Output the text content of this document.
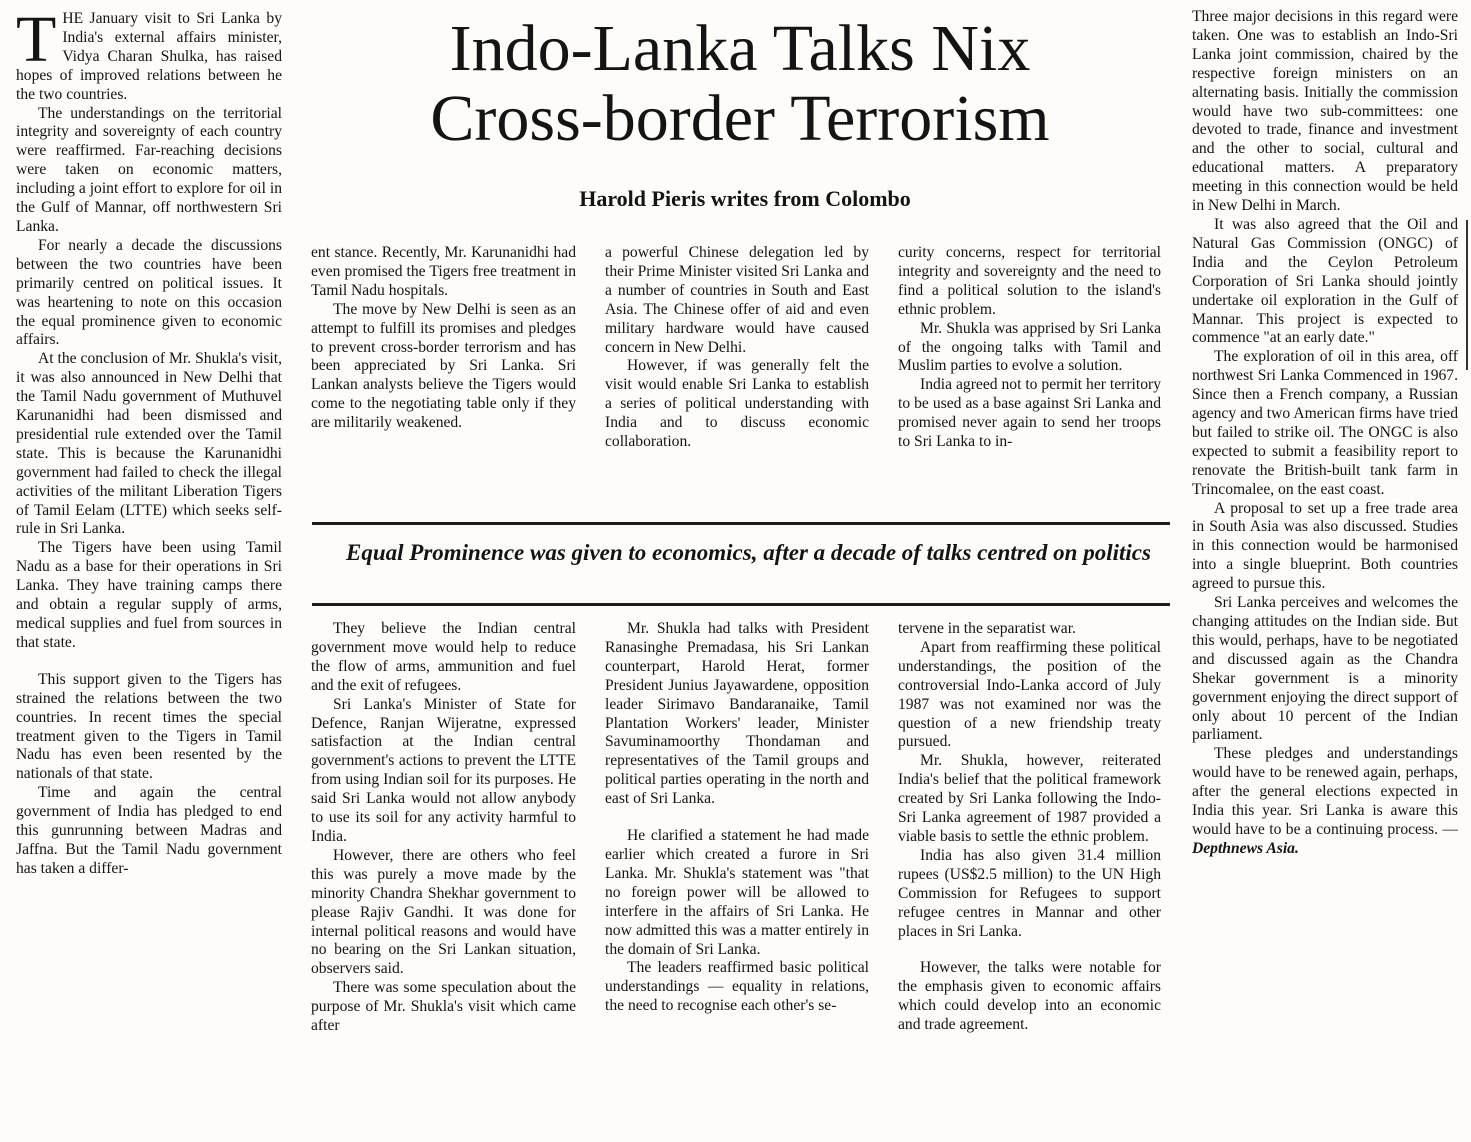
Indo-Lanka Talks Nix
Cross-border Terrorism
Harold Pieris writes from Colombo

THE January visit to Sri Lanka by India's external affairs minister, Vidya Charan Shulka, has raised hopes of improved relations between he the two countries.

The understandings on the territorial integrity and sovereignty of each country were reaffirmed. Far-reaching decisions were taken on economic matters, including a joint effort to explore for oil in the Gulf of Mannar, off northwestern Sri Lanka.

For nearly a decade the discussions between the two countries have been primarily centred on political issues. It was heartening to note on this occasion the equal prominence given to economic affairs.

At the conclusion of Mr. Shukla's visit, it was also announced in New Delhi that the Tamil Nadu government of Muthuvel Karunanidhi had been dismissed and presidential rule extended over the Tamil state. This is because the Karunanidhi government had failed to check the illegal activities of the militant Liberation Tigers of Tamil Eelam (LTTE) which seeks self-rule in Sri Lanka.

The Tigers have been using Tamil Nadu as a base for their operations in Sri Lanka. They have training camps there and obtain a regular supply of arms, medical supplies and fuel from sources in that state.

This support given to the Tigers has strained the relations between the two countries. In recent times the special treatment given to the Tigers in Tamil Nadu has even been resented by the nationals of that state.

Time and again the central government of India has pledged to end this gunrunning between Madras and Jaffna. But the Tamil Nadu government has taken a differ-

ent stance. Recently, Mr. Karunanidhi had even promised the Tigers free treatment in Tamil Nadu hospitals.

The move by New Delhi is seen as an attempt to fulfill its promises and pledges to prevent cross-border terrorism and has been appreciated by Sri Lanka. Sri Lankan analysts believe the Tigers would come to the negotiating table only if they are militarily weakened.

a powerful Chinese delegation led by their Prime Minister visited Sri Lanka and a number of countries in South and East Asia. The Chinese offer of aid and even military hardware would have caused concern in New Delhi.

However, if was generally felt the visit would enable Sri Lanka to establish a series of political understanding with India and to discuss economic collaboration.

curity concerns, respect for territorial integrity and sovereignty and the need to find a political solution to the island's ethnic problem.

Mr. Shukla was apprised by Sri Lanka of the ongoing talks with Tamil and Muslim parties to evolve a solution.

India agreed not to permit her territory to be used as a base against Sri Lanka and promised never again to send her troops to Sri Lanka to in-

Equal Prominence was given to economics, after a decade of talks centred on politics

They believe the Indian central government move would help to reduce the flow of arms, ammunition and fuel and the exit of refugees.

Sri Lanka's Minister of State for Defence, Ranjan Wijeratne, expressed satisfaction at the Indian central government's actions to prevent the LTTE from using Indian soil for its purposes. He said Sri Lanka would not allow anybody to use its soil for any activity harmful to India.

However, there are others who feel this was purely a move made by the minority Chandra Shekhar government to please Rajiv Gandhi. It was done for internal political reasons and would have no bearing on the Sri Lankan situation, observers said.

There was some speculation about the purpose of Mr. Shukla's visit which came after

Mr. Shukla had talks with President Ranasinghe Premadasa, his Sri Lankan counterpart, Harold Herat, former President Junius Jayawardene, opposition leader Sirimavo Bandaranaike, Tamil Plantation Workers' leader, Minister Savuminamoorthy Thondaman and representatives of the Tamil groups and political parties operating in the north and east of Sri Lanka.

He clarified a statement he had made earlier which created a furore in Sri Lanka. Mr. Shukla's statement was "that no foreign power will be allowed to interfere in the affairs of Sri Lanka. He now admitted this was a matter entirely in the domain of Sri Lanka.

The leaders reaffirmed basic political understandings — equality in relations, the need to recognise each other's se-

tervene in the separatist war.

Apart from reaffirming these political understandings, the position of the controversial Indo-Lanka accord of July 1987 was not examined nor was the question of a new friendship treaty pursued.

Mr. Shukla, however, reiterated India's belief that the political framework created by Sri Lanka following the Indo-Sri Lanka agreement of 1987 provided a viable basis to settle the ethnic problem.

India has also given 31.4 million rupees (US$2.5 million) to the UN High Commission for Refugees to support refugee centres in Mannar and other places in Sri Lanka.

However, the talks were notable for the emphasis given to economic affairs which could develop into an economic and trade agreement.

Three major decisions in this regard were taken. One was to establish an Indo-Sri Lanka joint commission, chaired by the respective foreign ministers on an alternating basis. Initially the commission would have two sub-committees: one devoted to trade, finance and investment and the other to social, cultural and educational matters. A preparatory meeting in this connection would be held in New Delhi in March.

It was also agreed that the Oil and Natural Gas Commission (ONGC) of India and the Ceylon Petroleum Corporation of Sri Lanka should jointly undertake oil exploration in the Gulf of Mannar. This project is expected to commence "at an early date."

The exploration of oil in this area, off northwest Sri Lanka Commenced in 1967. Since then a French company, a Russian agency and two American firms have tried but failed to strike oil. The ONGC is also expected to submit a feasibility report to renovate the British-built tank farm in Trincomalee, on the east coast.

A proposal to set up a free trade area in South Asia was also discussed. Studies in this connection would be harmonised into a single blueprint. Both countries agreed to pursue this.

Sri Lanka perceives and welcomes the changing attitudes on the Indian side. But this would, perhaps, have to be negotiated and discussed again as the Chandra Shekar government is a minority government enjoying the direct support of only about 10 percent of the Indian parliament.

These pledges and understandings would have to be renewed again, perhaps, after the general elections expected in India this year. Sri Lanka is aware this would have to be a continuing process. — Depthnews Asia.
